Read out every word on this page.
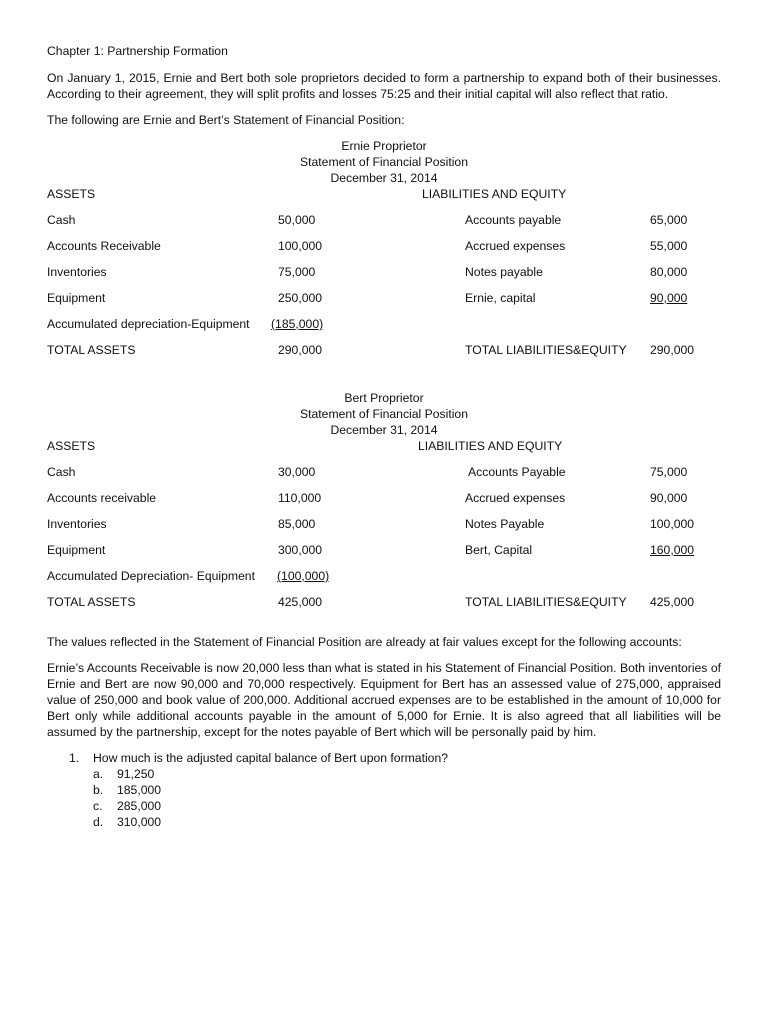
Chapter 1: Partnership Formation

On January 1, 2015, Ernie and Bert both sole proprietors decided to form a partnership to expand both of their businesses. According to their agreement, they will split profits and losses 75:25 and their initial capital will also reflect that ratio.

The following are Ernie and Bert’s Statement of Financial Position:

Ernie Proprietor
Statement of Financial Position
December 31, 2014
ASSETS	LIABILITIES AND EQUITY
Cash	50,000	Accounts payable	65,000
Accounts Receivable	100,000	Accrued expenses	55,000
Inventories	75,000	Notes payable	80,000
Equipment	250,000	Ernie, capital	90,000
Accumulated depreciation-Equipment (185,000)
TOTAL ASSETS	290,000	TOTAL LIABILITIES&EQUITY 290,000
Bert Proprietor
Statement of Financial Position
December 31, 2014
ASSETS	LIABILITIES AND EQUITY
Cash	30,000	Accounts Payable	75,000
Accounts receivable	110,000	Accrued expenses	90,000
Inventories	85,000	Notes Payable	100,000
Equipment	300,000	Bert, Capital	160,000
Accumulated Depreciation- Equipment (100,000)
TOTAL ASSETS	425,000	TOTAL LIABILITIES&EQUITY 425,000

The values reflected in the Statement of Financial Position are already at fair values except for the following accounts:

Ernie’s Accounts Receivable is now 20,000 less than what is stated in his Statement of Financial Position. Both inventories of Ernie and Bert are now 90,000 and 70,000 respectively. Equipment for Bert has an assessed value of 275,000, appraised value of 250,000 and book value of 200,000. Additional accrued expenses are to be established in the amount of 10,000 for Bert only while additional accounts payable in the amount of 5,000 for Ernie. It is also agreed that all liabilities will be assumed by the partnership, except for the notes payable of Bert which will be personally paid by him.

1. How much is the adjusted capital balance of Bert upon formation?
a. 91,250
b. 185,000
c. 285,000
d. 310,000
